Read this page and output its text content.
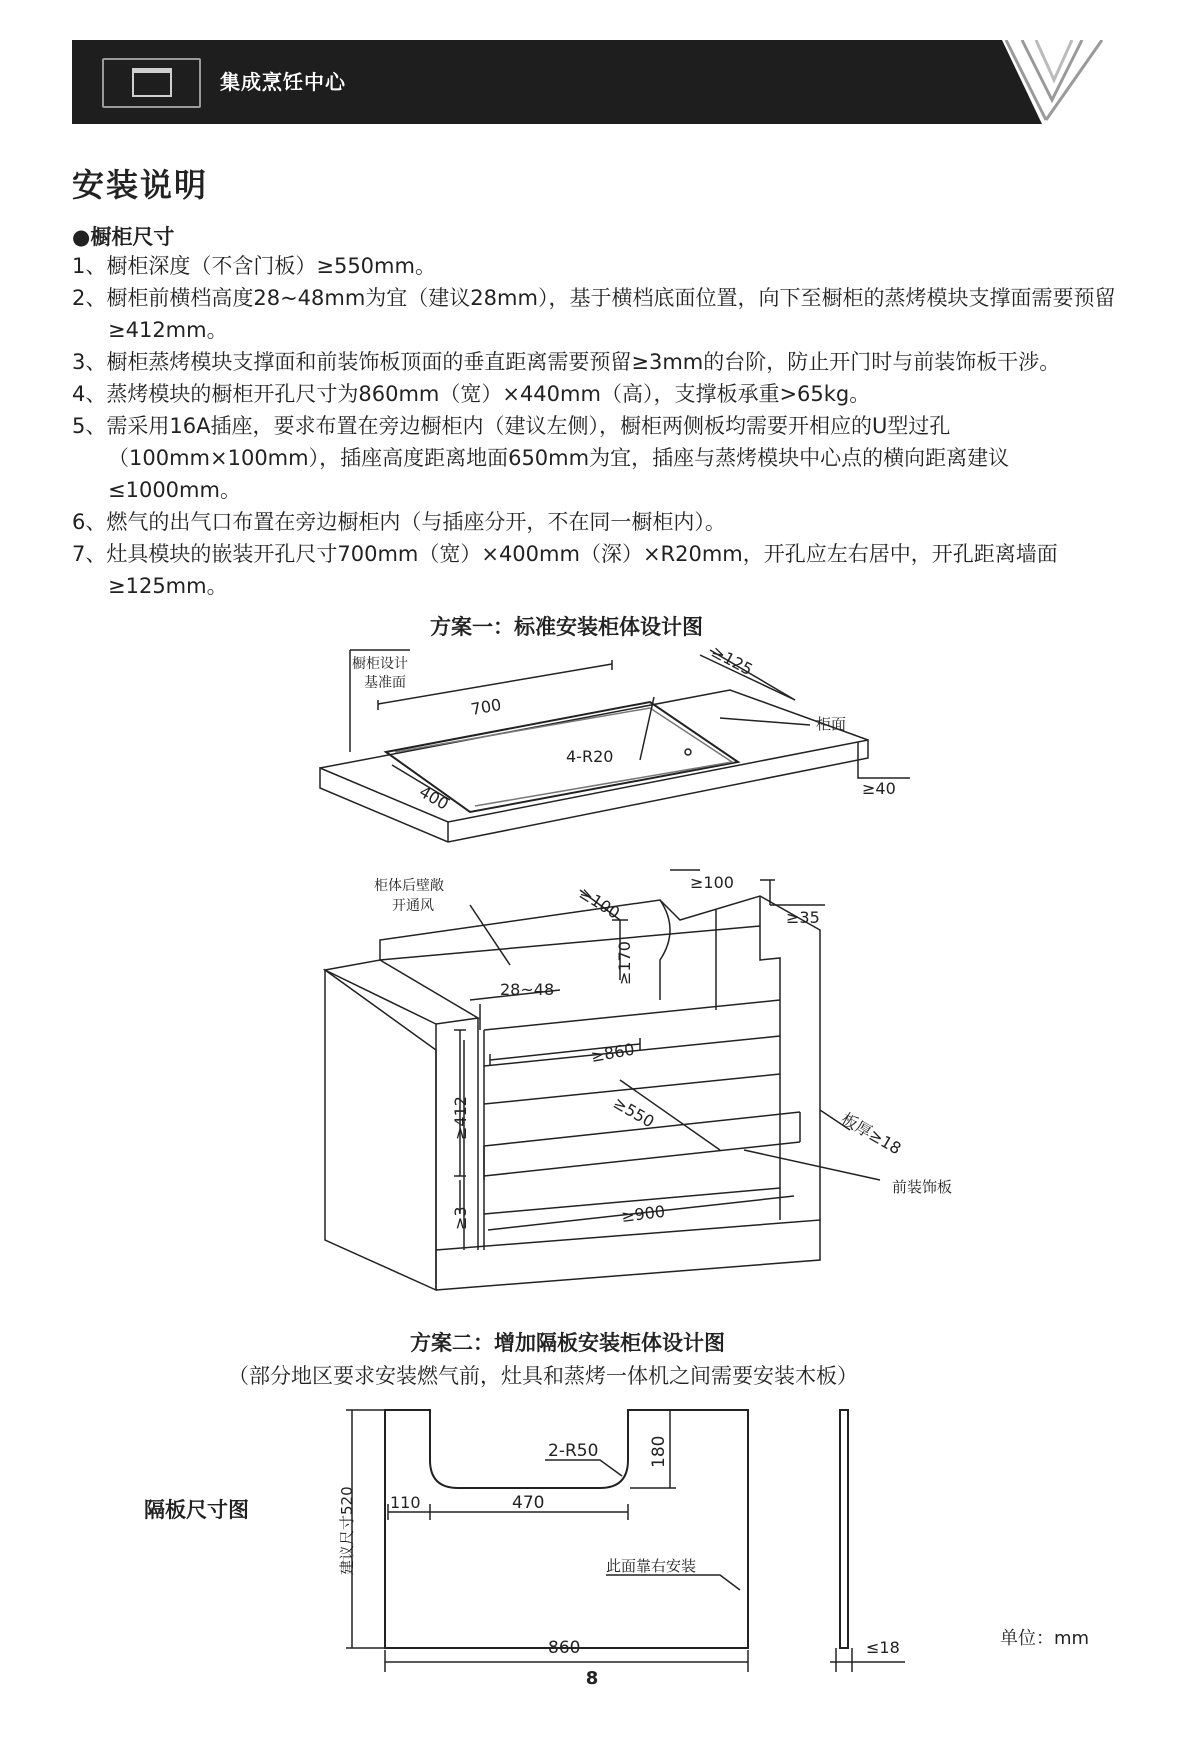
集成烹饪中心
安装说明
●橱柜尺寸
1、橱柜深度（不含门板）≥550mm。
2、橱柜前横档高度28~48mm为宜（建议28mm），基于横档底面位置，向下至橱柜的蒸烤模块支撑面需要预留≥412mm。
3、橱柜蒸烤模块支撑面和前装饰板顶面的垂直距离需要预留≥3mm的台阶，防止开门时与前装饰板干涉。
4、蒸烤模块的橱柜开孔尺寸为860mm（宽）×440mm（高），支撑板承重>65kg。
5、需采用16A插座，要求布置在旁边橱柜内（建议左侧），橱柜两侧板均需要开相应的U型过孔（100mm×100mm），插座高度距离地面650mm为宜，插座与蒸烤模块中心点的横向距离建议≤1000mm。
6、燃气的出气口布置在旁边橱柜内（与插座分开，不在同一橱柜内）。
7、灶具模块的嵌装开孔尺寸700mm（宽）×400mm（深）×R20mm，开孔应左右居中，开孔距离墙面≥125mm。
方案一：标准安装柜体设计图
橱柜设计
基准面
700
400
4-R20
≥125
柜面
≥40
柜体后壁敞
开通风
28~48
≥100
≥100
≥35
≥170
≥860
≥550
≥412
≥3	≥900
板厚≥18
前装饰板
方案二：增加隔板安装柜体设计图
（部分地区要求安装燃气前，灶具和蒸烤一体机之间需要安装木板）
隔板尺寸图
2-R50	180
110	470
建议尺寸520	此面靠右安装
860	≤18	单位：mm
8
